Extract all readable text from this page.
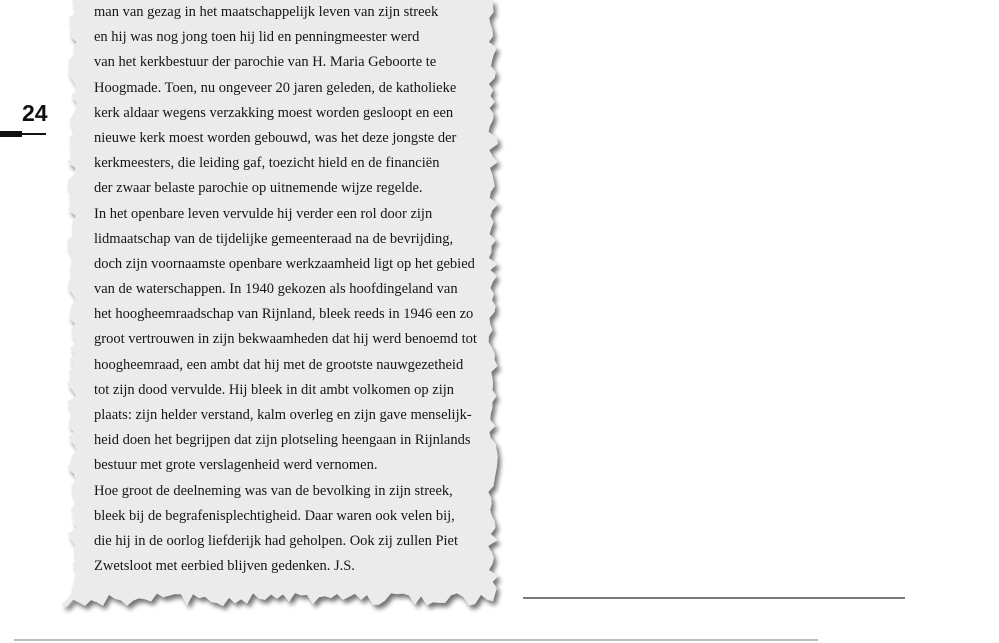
24
man van gezag in het maatschappelijk leven van zijn streek
en hij was nog jong toen hij lid en penningmeester werd
van het kerkbestuur der parochie van H. Maria Geboorte te
Hoogmade. Toen, nu ongeveer 20 jaren geleden, de katholieke
kerk aldaar wegens verzakking moest worden gesloopt en een
nieuwe kerk moest worden gebouwd, was het deze jongste der
kerkmeesters, die leiding gaf, toezicht hield en de financiën
der zwaar belaste parochie op uitnemende wijze regelde.
In het openbare leven vervulde hij verder een rol door zijn
lidmaatschap van de tijdelijke gemeenteraad na de bevrijding,
doch zijn voornaamste openbare werkzaamheid ligt op het gebied
van de waterschappen. In 1940 gekozen als hoofdingeland van
het hoogheemraadschap van Rijnland, bleek reeds in 1946 een zo
groot vertrouwen in zijn bekwaamheden dat hij werd benoemd tot
hoogheemraad, een ambt dat hij met de grootste nauwgezetheid
tot zijn dood vervulde. Hij bleek in dit ambt volkomen op zijn
plaats: zijn helder verstand, kalm overleg en zijn gave menselijk-
heid doen het begrijpen dat zijn plotseling heengaan in Rijnlands
bestuur met grote verslagenheid werd vernomen.
Hoe groot de deelneming was van de bevolking in zijn streek,
bleek bij de begrafenisplechtigheid. Daar waren ook velen bij,
die hij in de oorlog liefderijk had geholpen. Ook zij zullen Piet
Zwetsloot met eerbied blijven gedenken. J.S.
